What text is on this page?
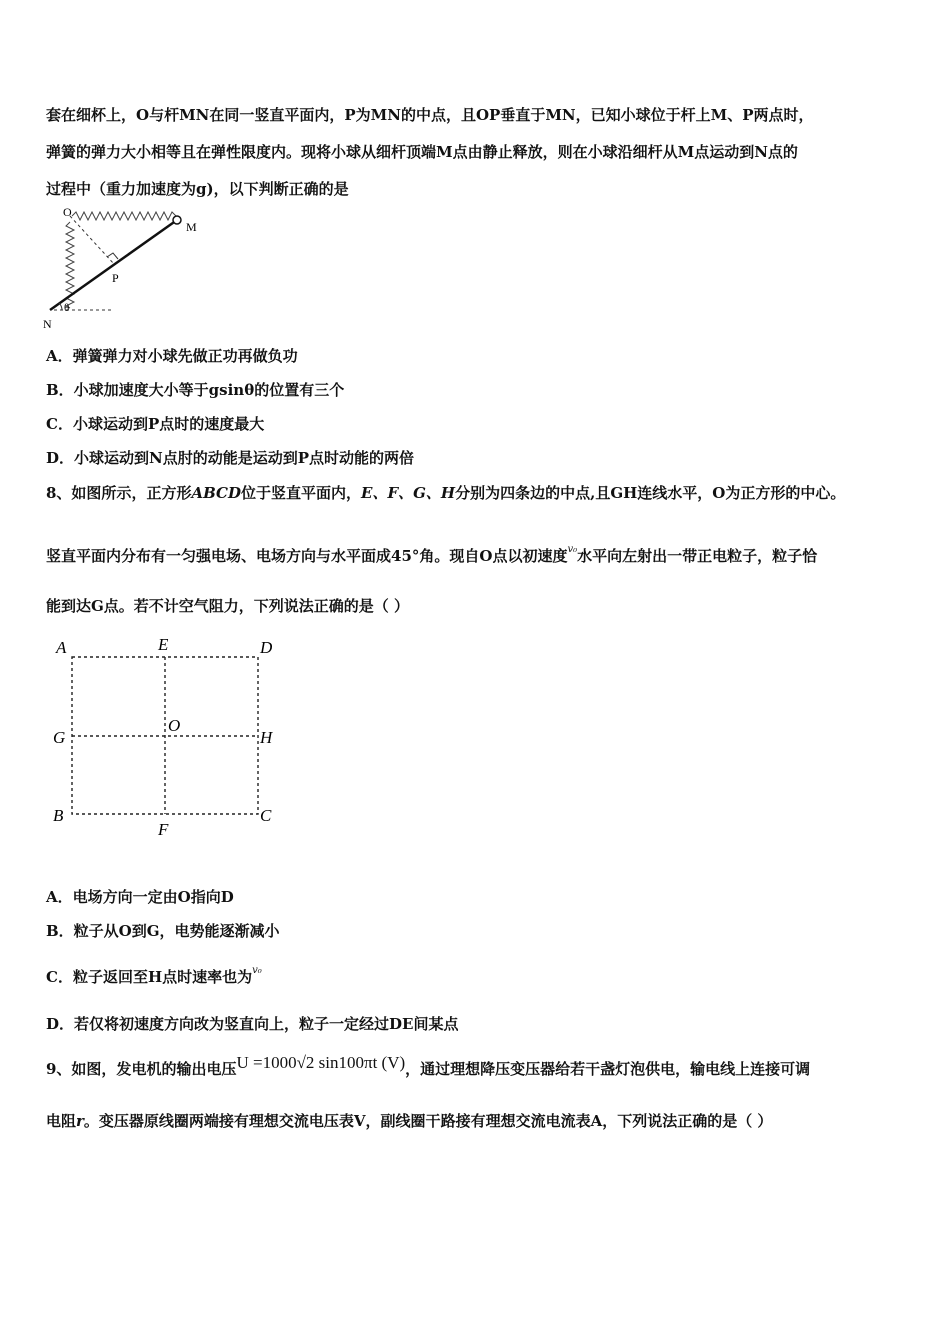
套在细杯上，O与杆MN在同一竖直平面内，P为MN的中点，且OP垂直于MN，已知小球位于杆上M、P两点时，
弹簧的弹力大小相等且在弹性限度内。现将小球从细杆顶端M点由静止释放，则在小球沿细杆从M点运动到N点的
过程中（重力加速度为g)，以下判断正确的是
O
M
P
θ
N
A．弹簧弹力对小球先做正功再做负功
B．小球加速度大小等于gsinθ的位置有三个
C．小球运动到P点时的速度最大
D．小球运动到N点肘的动能是运动到P点时动能的两倍
8、如图所示，正方形ABCD位于竖直平面内，E、F、G、H分别为四条边的中点,且GH连线水平，O为正方形的中心。
竖直平面内分布有一匀强电场、电场方向与水平面成45°角。现自O点以初速度$^{v_0}$水平向左射出一带正电粒子，粒子恰
能到达G点。若不计空气阻力，下列说法正确的是（ ）
A	E	D
G
O
H
B
F
C
A．电场方向一定由O指向D
B．粒子从O到G，电势能逐渐减小
C．粒子返回至H点时速率也为$^{v_0}$
D．若仅将初速度方向改为竖直向上，粒子一定经过DE间某点
9、如图，发电机的输出电压U =1000√2 sin100πt (V)，通过理想降压变压器给若干盏灯泡供电，输电线上连接可调
电阻r。变压器原线圈两端接有理想交流电压表V，副线圈干路接有理想交流电流表A，下列说法正确的是（ ）
